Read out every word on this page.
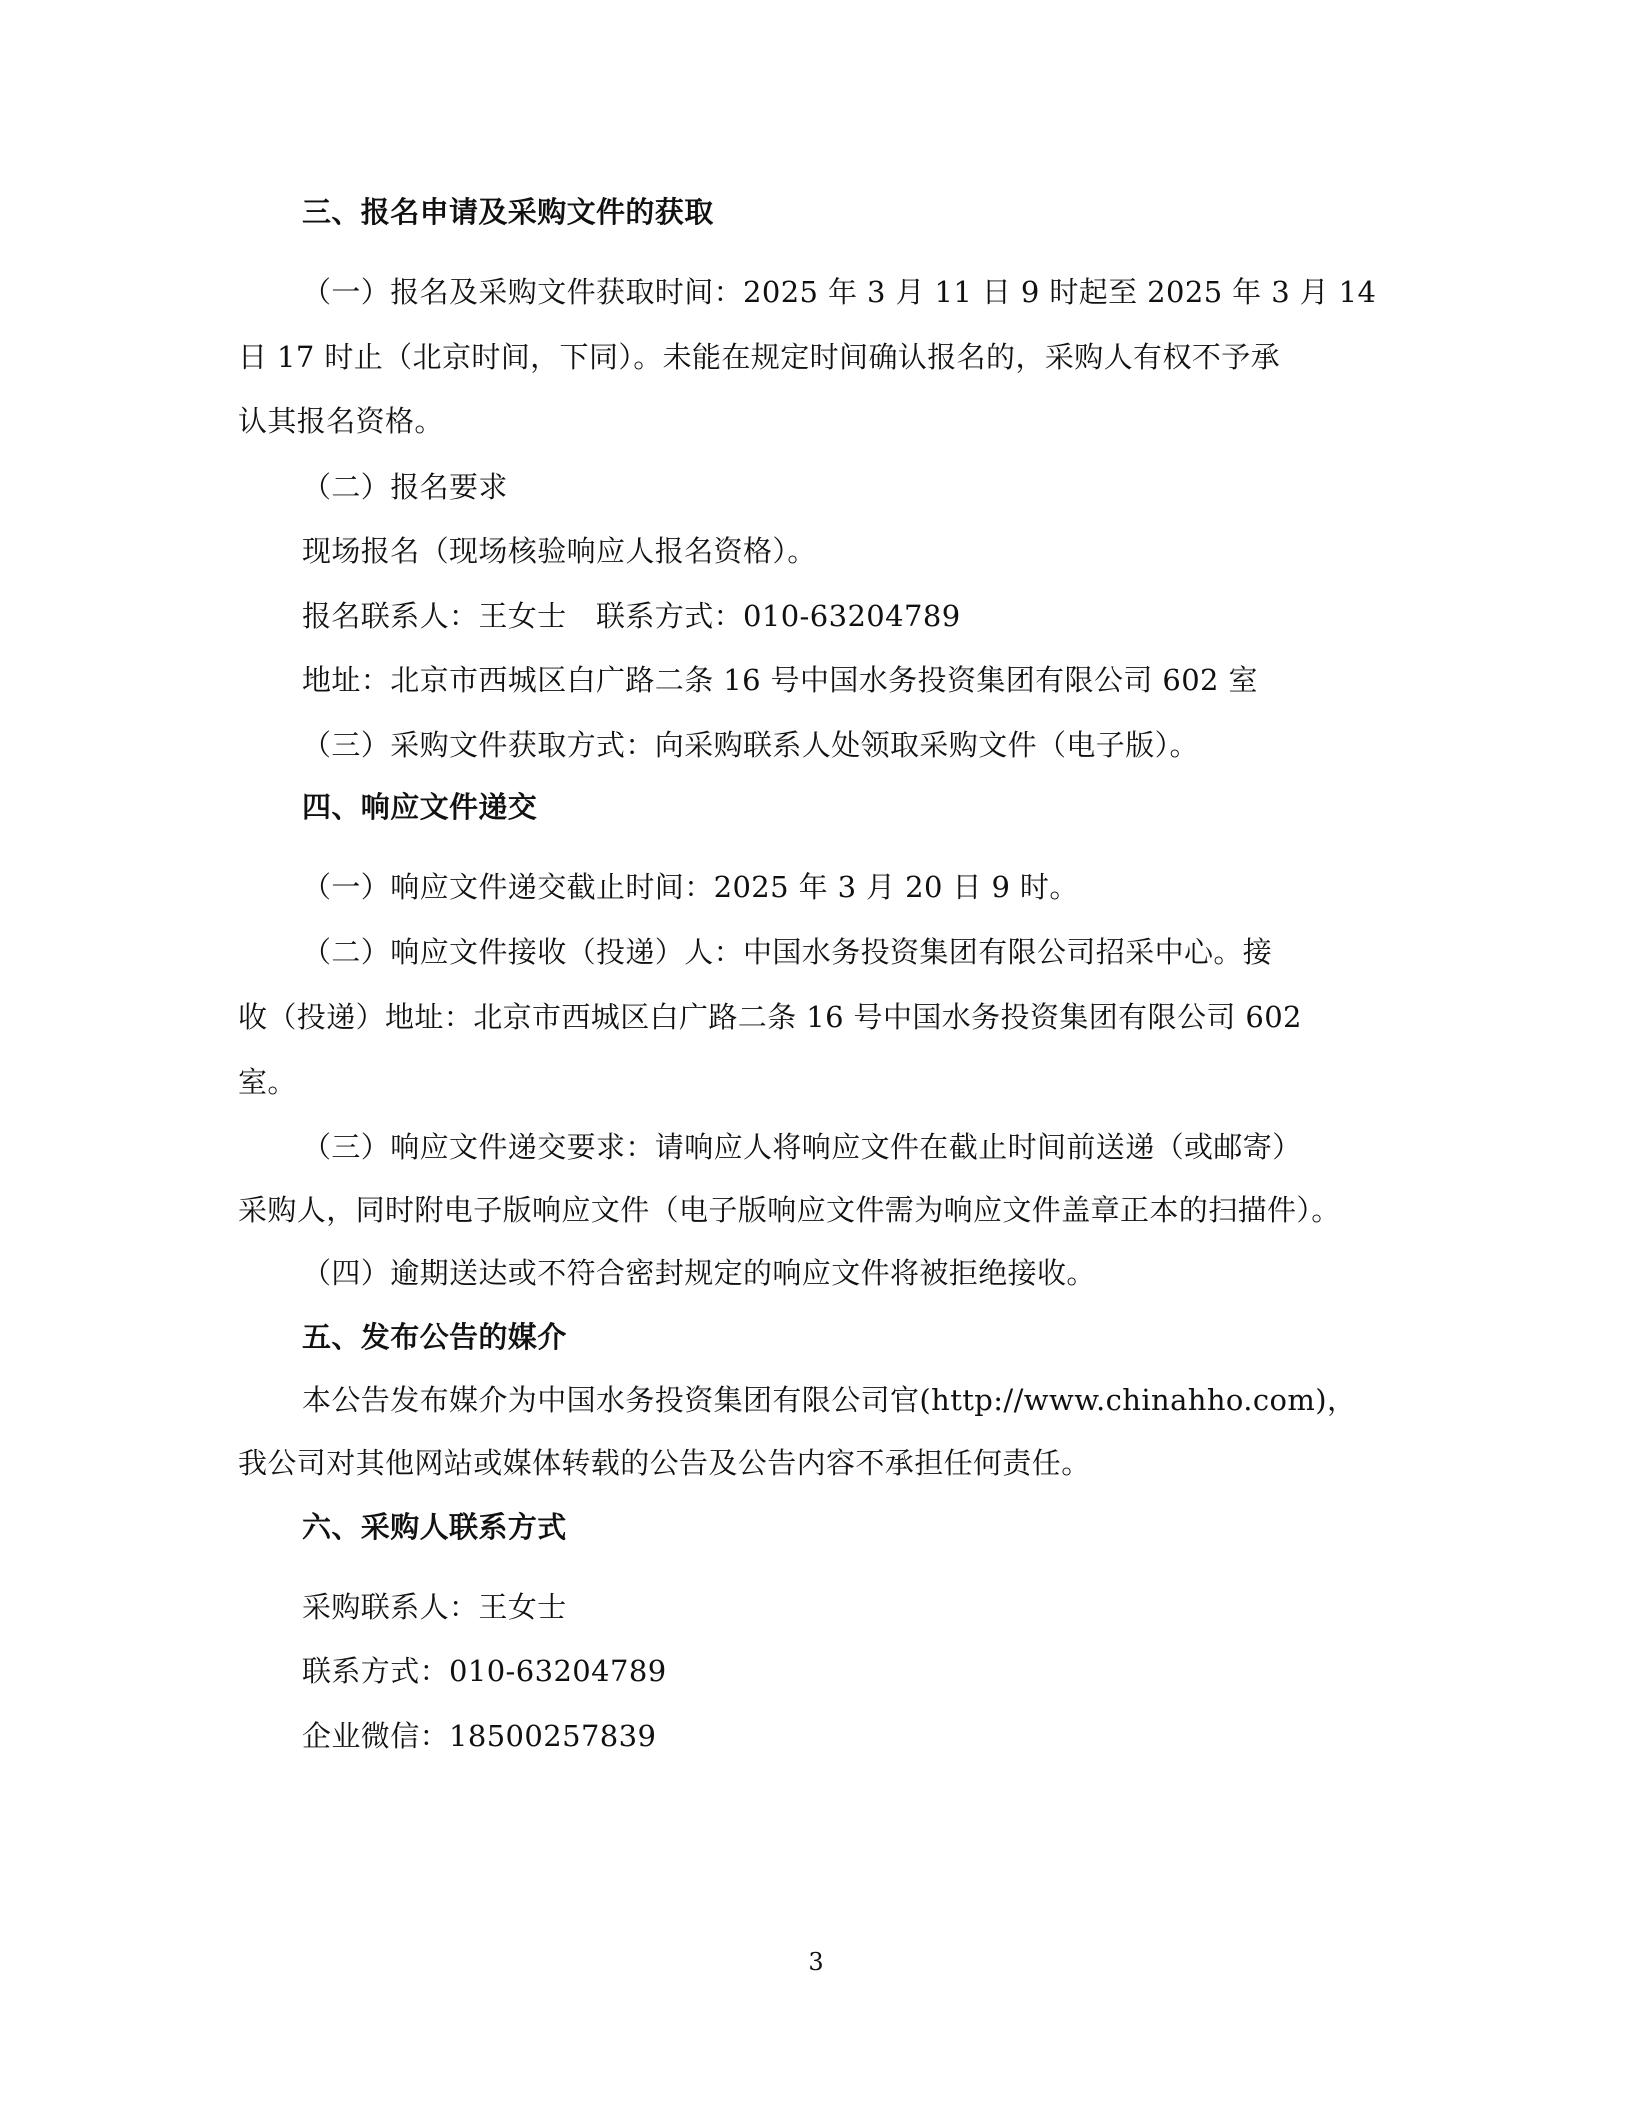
三、报名申请及采购文件的获取

（一）报名及采购文件获取时间：2025 年 3 月 11 日 9 时起至 2025 年 3 月 14

日 17 时止（北京时间，下同）。未能在规定时间确认报名的，采购人有权不予承

认其报名资格。

（二）报名要求

现场报名（现场核验响应人报名资格）。

报名联系人：王女士　联系方式：010-63204789

地址：北京市西城区白广路二条 16 号中国水务投资集团有限公司 602 室

（三）采购文件获取方式：向采购联系人处领取采购文件（电子版）。

四、响应文件递交

（一）响应文件递交截止时间：2025 年 3 月 20 日 9 时。

（二）响应文件接收（投递）人：中国水务投资集团有限公司招采中心。接

收（投递）地址：北京市西城区白广路二条 16 号中国水务投资集团有限公司 602

室。

（三）响应文件递交要求：请响应人将响应文件在截止时间前送递（或邮寄）

采购人，同时附电子版响应文件（电子版响应文件需为响应文件盖章正本的扫描件）。

（四）逾期送达或不符合密封规定的响应文件将被拒绝接收。

五、发布公告的媒介

本公告发布媒介为中国水务投资集团有限公司官(http://www.chinahho.com)，

我公司对其他网站或媒体转载的公告及公告内容不承担任何责任。

六、采购人联系方式

采购联系人：王女士

联系方式：010-63204789

企业微信：18500257839

3
